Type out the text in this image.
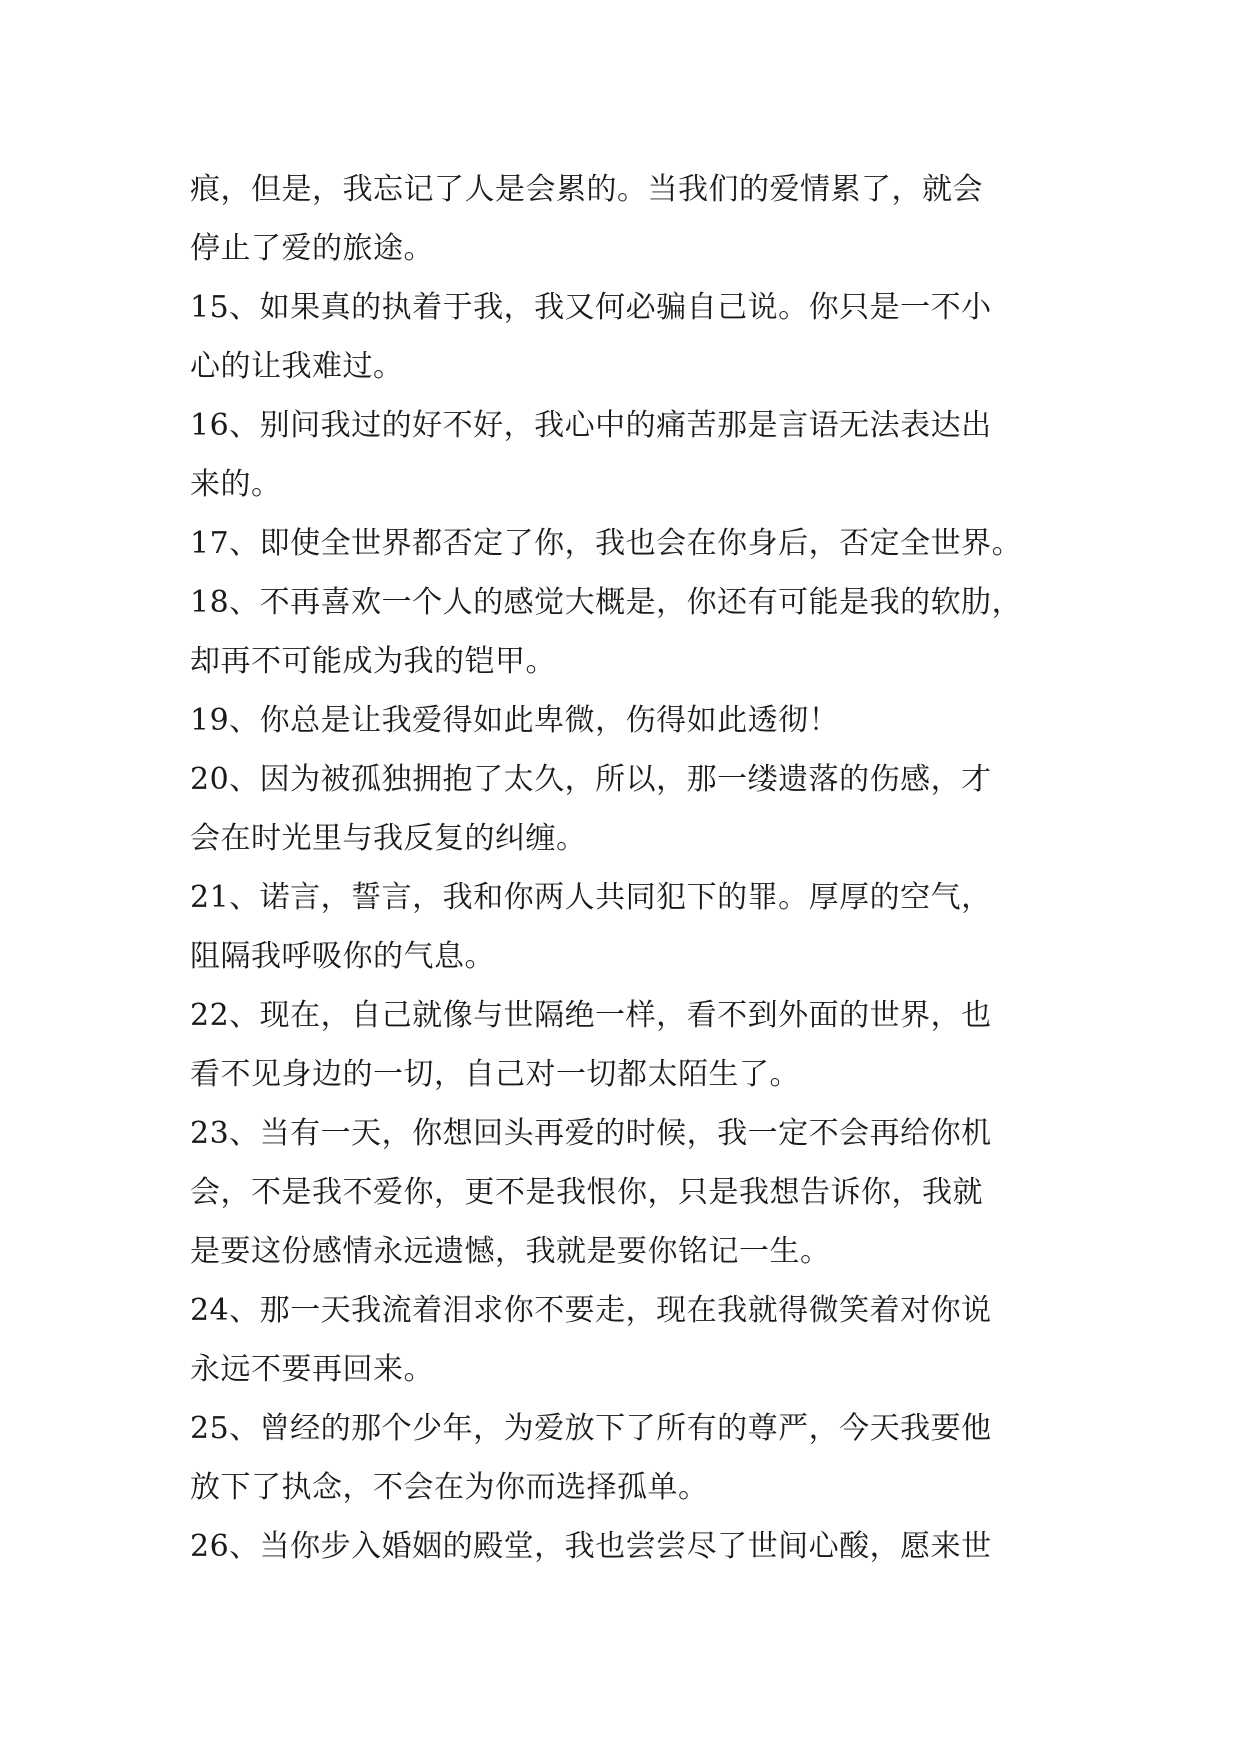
痕，但是，我忘记了人是会累的。当我们的爱情累了，就会
停止了爱的旅途。
15、如果真的执着于我，我又何必骗自己说。你只是一不小
心的让我难过。
16、别问我过的好不好，我心中的痛苦那是言语无法表达出
来的。
17、即使全世界都否定了你，我也会在你身后，否定全世界。
18、不再喜欢一个人的感觉大概是，你还有可能是我的软肋，
却再不可能成为我的铠甲。
19、你总是让我爱得如此卑微，伤得如此透彻！
20、因为被孤独拥抱了太久，所以，那一缕遗落的伤感，才
会在时光里与我反复的纠缠。
21、诺言，誓言，我和你两人共同犯下的罪。厚厚的空气，
阻隔我呼吸你的气息。
22、现在，自己就像与世隔绝一样，看不到外面的世界，也
看不见身边的一切，自己对一切都太陌生了。
23、当有一天，你想回头再爱的时候，我一定不会再给你机
会，不是我不爱你，更不是我恨你，只是我想告诉你，我就
是要这份感情永远遗憾，我就是要你铭记一生。
24、那一天我流着泪求你不要走，现在我就得微笑着对你说
永远不要再回来。
25、曾经的那个少年，为爱放下了所有的尊严，今天我要他
放下了执念，不会在为你而选择孤单。
26、当你步入婚姻的殿堂，我也尝尝尽了世间心酸，愿来世
